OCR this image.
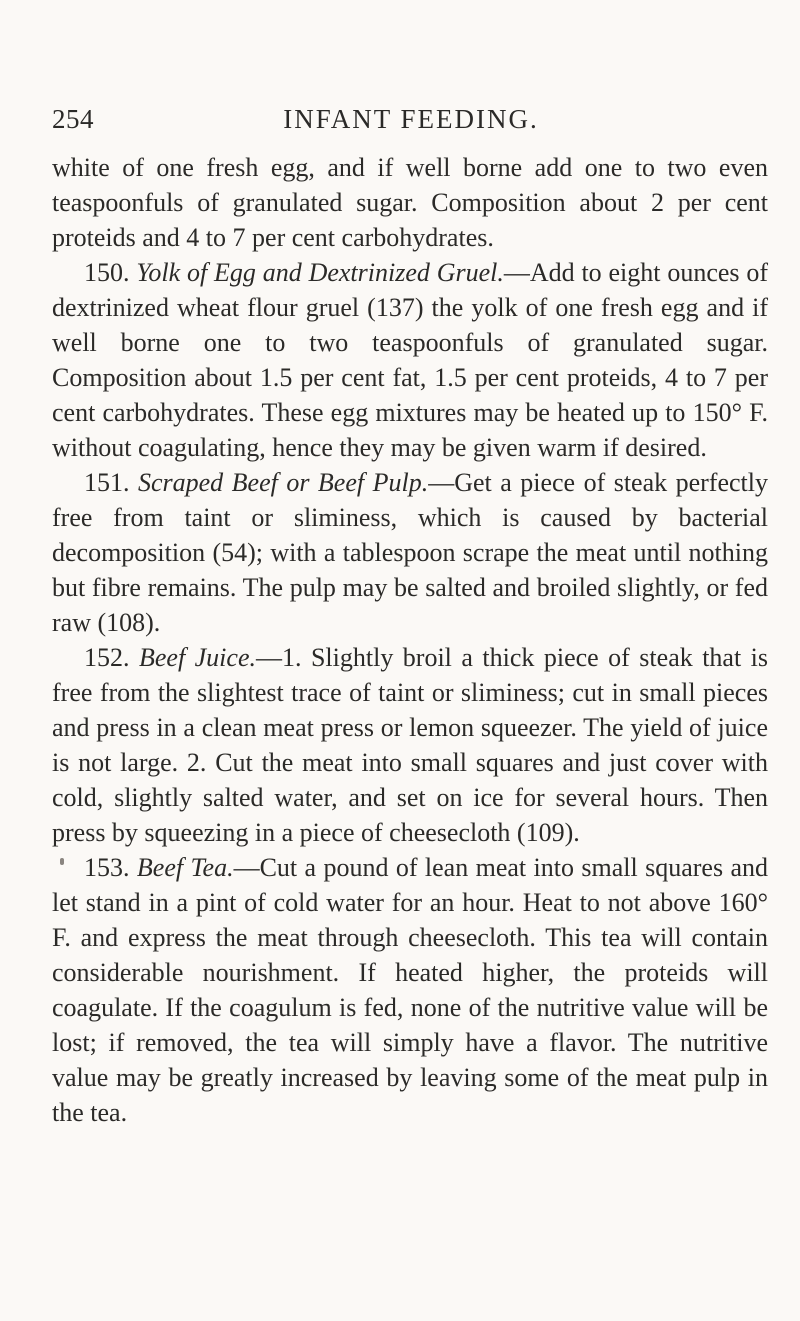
254	INFANT FEEDING.

white of one fresh egg, and if well borne add one to two even teaspoonfuls of granulated sugar. Composition about 2 per cent proteids and 4 to 7 per cent carbohydrates.

150. Yolk of Egg and Dextrinized Gruel.—Add to eight ounces of dextrinized wheat flour gruel (137) the yolk of one fresh egg and if well borne one to two teaspoonfuls of granulated sugar. Composition about 1.5 per cent fat, 1.5 per cent proteids, 4 to 7 per cent carbohydrates. These egg mixtures may be heated up to 150° F. without coagulating, hence they may be given warm if desired.

151. Scraped Beef or Beef Pulp.—Get a piece of steak perfectly free from taint or sliminess, which is caused by bacterial decomposition (54); with a tablespoon scrape the meat until nothing but fibre remains. The pulp may be salted and broiled slightly, or fed raw (108).

152. Beef Juice.—1. Slightly broil a thick piece of steak that is free from the slightest trace of taint or sliminess; cut in small pieces and press in a clean meat press or lemon squeezer. The yield of juice is not large. 2. Cut the meat into small squares and just cover with cold, slightly salted water, and set on ice for several hours. Then press by squeezing in a piece of cheesecloth (109).

153. Beef Tea.—Cut a pound of lean meat into small squares and let stand in a pint of cold water for an hour. Heat to not above 160° F. and express the meat through cheesecloth. This tea will contain considerable nourishment. If heated higher, the proteids will coagulate. If the coagulum is fed, none of the nutritive value will be lost; if removed, the tea will simply have a flavor. The nutritive value may be greatly increased by leaving some of the meat pulp in the tea.
